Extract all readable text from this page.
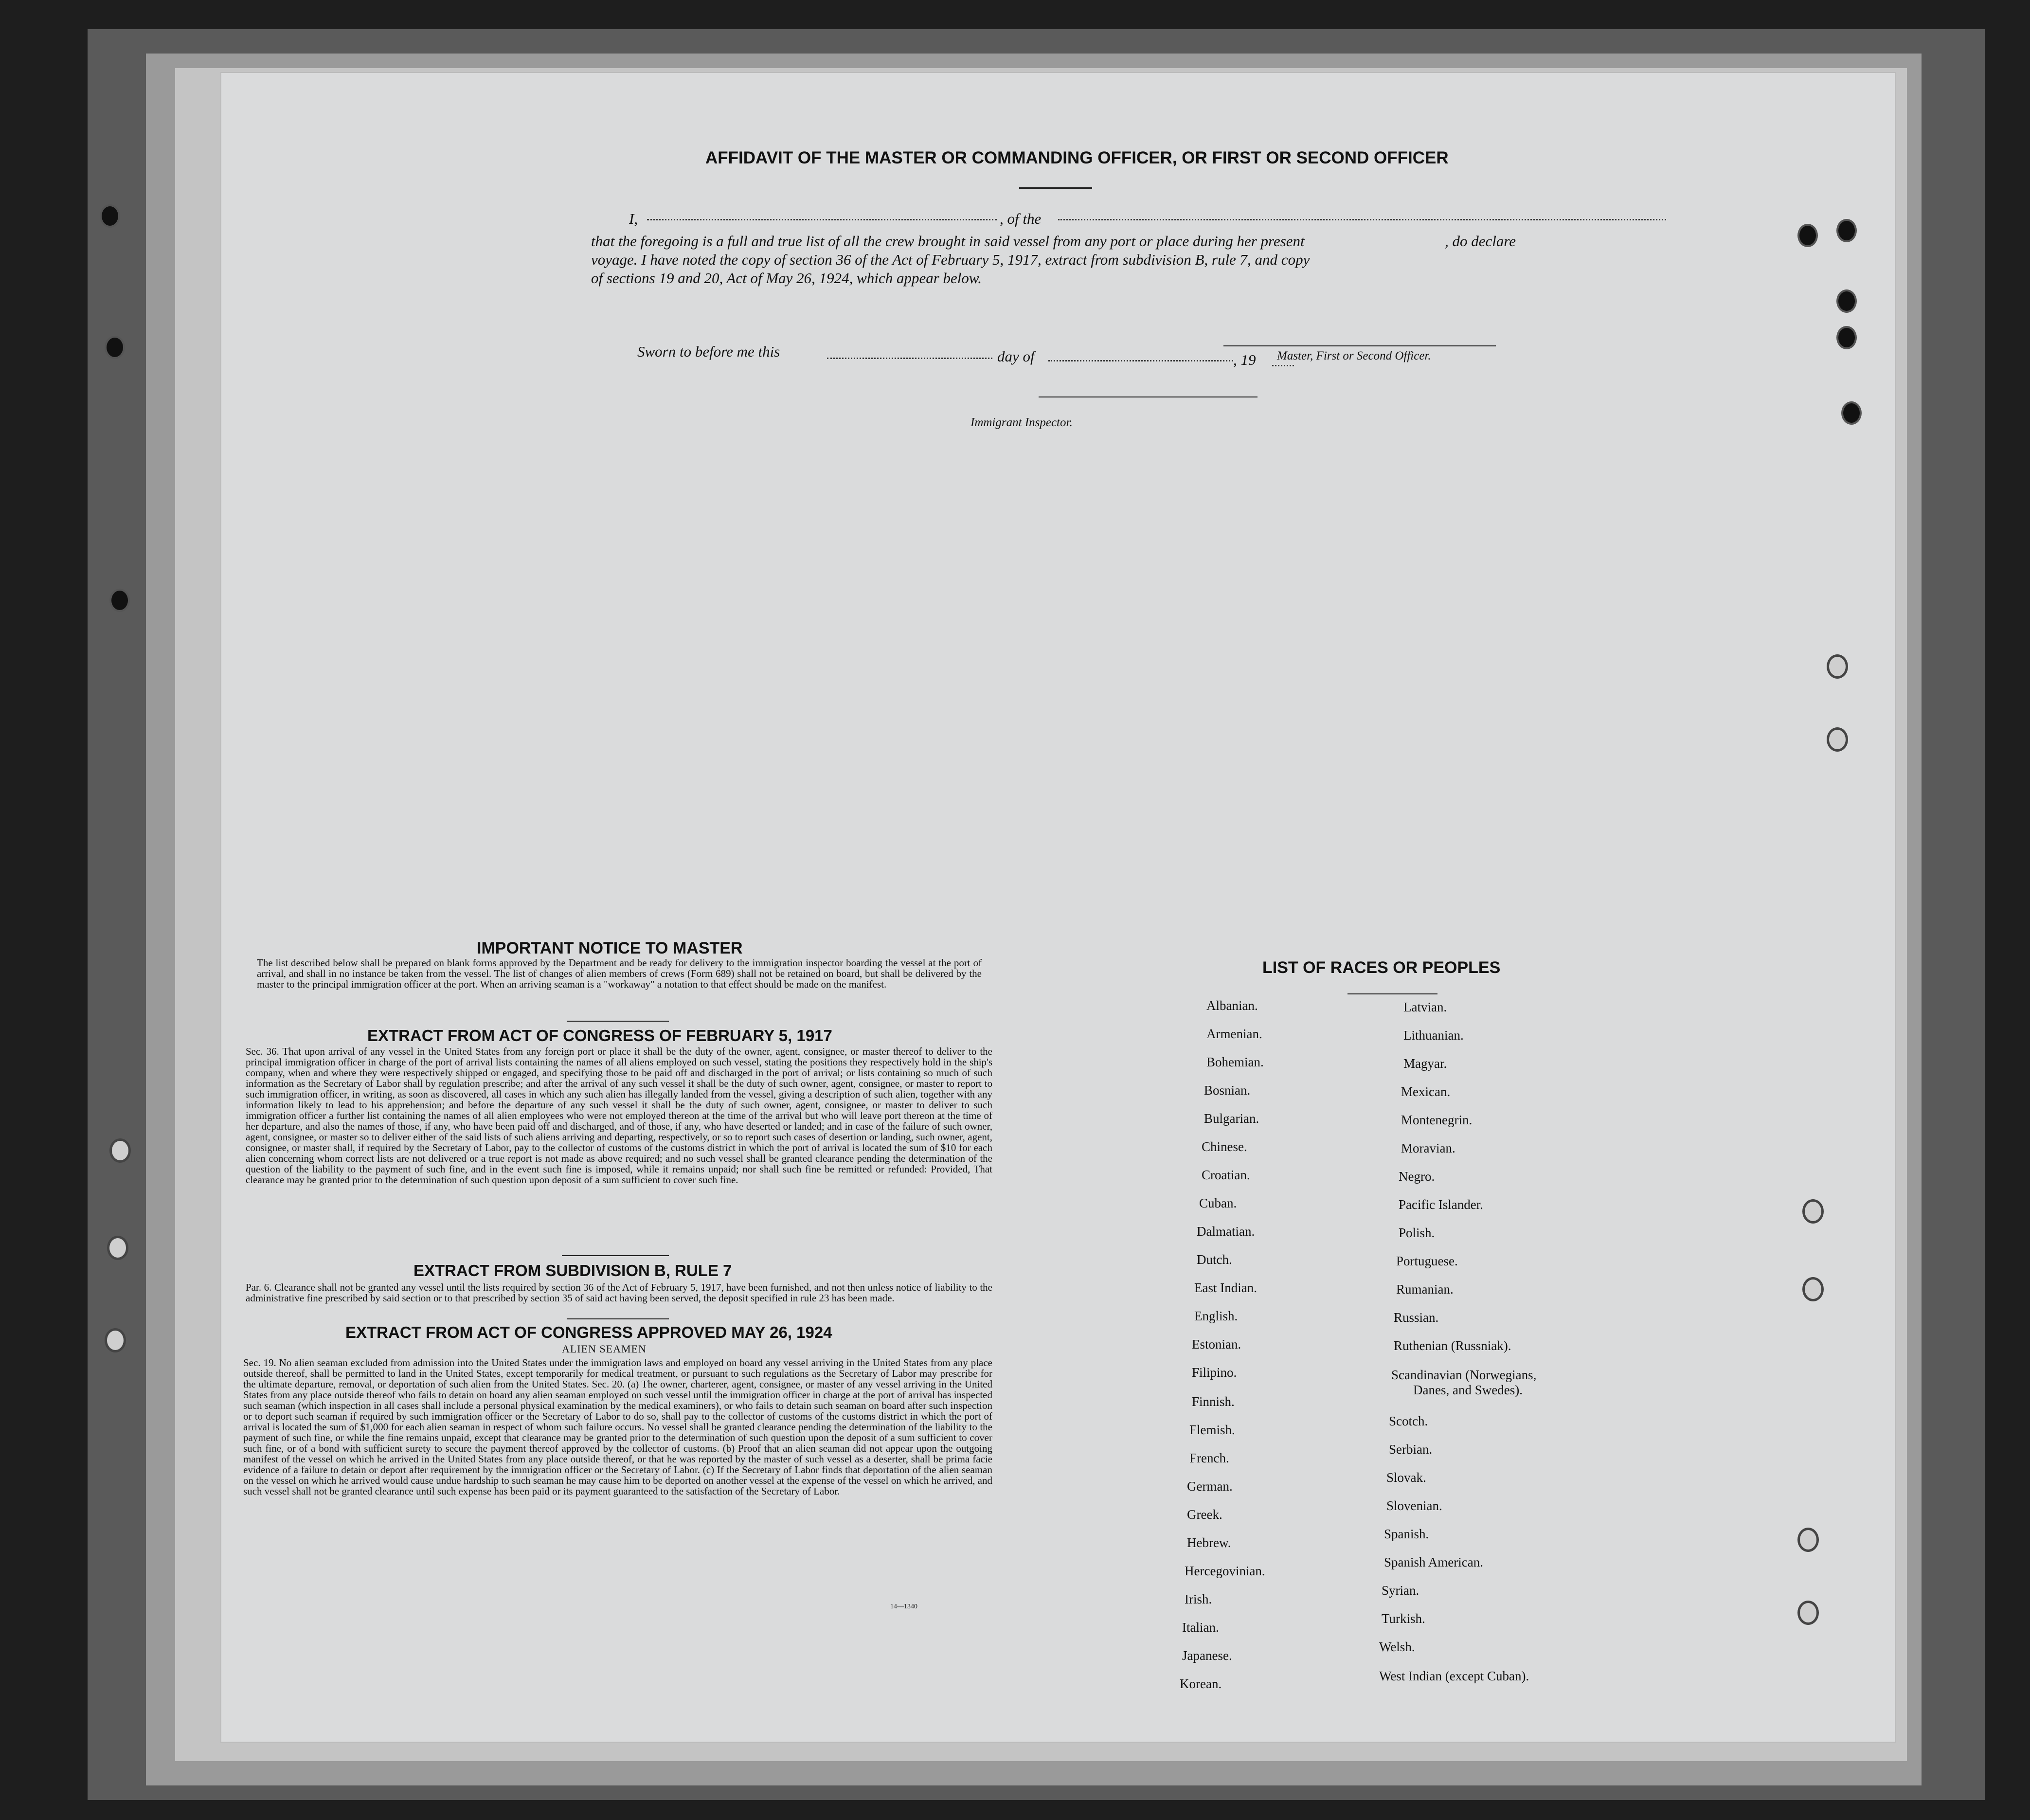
AFFIDAVIT OF THE MASTER OR COMMANDING OFFICER, OR FIRST OR SECOND OFFICER
I,	, of the
that the foregoing is a full and true list of all the crew brought in said vessel from any port or place during her present	, do declare
voyage. I have noted the copy of section 36 of the Act of February 5, 1917, extract from subdivision B, rule 7, and copy
of sections 19 and 20, Act of May 26, 1924, which appear below.
Sworn to before me this	day of	, 19 Master, First or Second Officer.
Immigrant Inspector.
IMPORTANT NOTICE TO MASTER
The list described below shall be prepared on blank forms approved by the Department and be ready for delivery to the immigration inspector boarding the vessel at the port of arrival, and shall in no instance be taken from the vessel. The list of changes of alien members of crews (Form 689) shall not be retained on board, but shall be delivered by the master to the principal immigration officer at the port. When an arriving seaman is a "workaway" a notation to that effect should be made on the manifest.
EXTRACT FROM ACT OF CONGRESS OF FEBRUARY 5, 1917
Sec. 36. That upon arrival of any vessel in the United States from any foreign port or place it shall be the duty of the owner, agent, consignee, or master thereof to deliver to the principal immigration officer in charge of the port of arrival lists containing the names of all aliens employed on such vessel, stating the positions they respectively hold in the ship's company, when and where they were respectively shipped or engaged, and specifying those to be paid off and discharged in the port of arrival; or lists containing so much of such information as the Secretary of Labor shall by regulation prescribe; and after the arrival of any such vessel it shall be the duty of such owner, agent, consignee, or master to report to such immigration officer, in writing, as soon as discovered, all cases in which any such alien has illegally landed from the vessel, giving a description of such alien, together with any information likely to lead to his apprehension; and before the departure of any such vessel it shall be the duty of such owner, agent, consignee, or master to deliver to such immigration officer a further list containing the names of all alien employees who were not employed thereon at the time of the arrival but who will leave port thereon at the time of her departure, and also the names of those, if any, who have been paid off and discharged, and of those, if any, who have deserted or landed; and in case of the failure of such owner, agent, consignee, or master so to deliver either of the said lists of such aliens arriving and departing, respectively, or so to report such cases of desertion or landing, such owner, agent, consignee, or master shall, if required by the Secretary of Labor, pay to the collector of customs of the customs district in which the port of arrival is located the sum of $10 for each alien concerning whom correct lists are not delivered or a true report is not made as above required; and no such vessel shall be granted clearance pending the determination of the question of the liability to the payment of such fine, and in the event such fine is imposed, while it remains unpaid; nor shall such fine be remitted or refunded: Provided, That clearance may be granted prior to the determination of such question upon deposit of a sum sufficient to cover such fine.
EXTRACT FROM SUBDIVISION B, RULE 7
Par. 6. Clearance shall not be granted any vessel until the lists required by section 36 of the Act of February 5, 1917, have been furnished, and not then unless notice of liability to the administrative fine prescribed by said section or to that prescribed by section 35 of said act having been served, the deposit specified in rule 23 has been made.
EXTRACT FROM ACT OF CONGRESS APPROVED MAY 26, 1924
ALIEN SEAMEN
Sec. 19. No alien seaman excluded from admission into the United States under the immigration laws and employed on board any vessel arriving in the United States from any place outside thereof, shall be permitted to land in the United States, except temporarily for medical treatment, or pursuant to such regulations as the Secretary of Labor may prescribe for the ultimate departure, removal, or deportation of such alien from the United States. Sec. 20. (a) The owner, charterer, agent, consignee, or master of any vessel arriving in the United States from any place outside thereof who fails to detain on board any alien seaman employed on such vessel until the immigration officer in charge at the port of arrival has inspected such seaman (which inspection in all cases shall include a personal physical examination by the medical examiners), or who fails to detain such seaman on board after such inspection or to deport such seaman if required by such immigration officer or the Secretary of Labor to do so, shall pay to the collector of customs of the customs district in which the port of arrival is located the sum of $1,000 for each alien seaman in respect of whom such failure occurs. No vessel shall be granted clearance pending the determination of the liability to the payment of such fine, or while the fine remains unpaid, except that clearance may be granted prior to the determination of such question upon the deposit of a sum sufficient to cover such fine, or of a bond with sufficient surety to secure the payment thereof approved by the collector of customs. (b) Proof that an alien seaman did not appear upon the outgoing manifest of the vessel on which he arrived in the United States from any place outside thereof, or that he was reported by the master of such vessel as a deserter, shall be prima facie evidence of a failure to detain or deport after requirement by the immigration officer or the Secretary of Labor. (c) If the Secretary of Labor finds that deportation of the alien seaman on the vessel on which he arrived would cause undue hardship to such seaman he may cause him to be deported on another vessel at the expense of the vessel on which he arrived, and such vessel shall not be granted clearance until such expense has been paid or its payment guaranteed to the satisfaction of the Secretary of Labor.
14—1340
LIST OF RACES OR PEOPLES
Albanian.
Armenian.
Bohemian.
Bosnian.
Bulgarian.
Chinese.
Croatian.
Cuban.
Dalmatian.
Dutch.
East Indian.
English.
Estonian.
Filipino.
Finnish.
Flemish.
French.
German.
Greek.
Hebrew.
Hercegovinian.
Irish.
Italian.
Japanese.
Korean.
Latvian.
Lithuanian.
Magyar.
Mexican.
Montenegrin.
Moravian.
Negro.
Pacific Islander.
Polish.
Portuguese.
Rumanian.
Russian.
Ruthenian (Russniak).
Scandinavian (Norwegians,
Danes, and Swedes).
Scotch.
Serbian.
Slovak.
Slovenian.
Spanish.
Spanish American.
Syrian.
Turkish.
Welsh.
West Indian (except Cuban).
